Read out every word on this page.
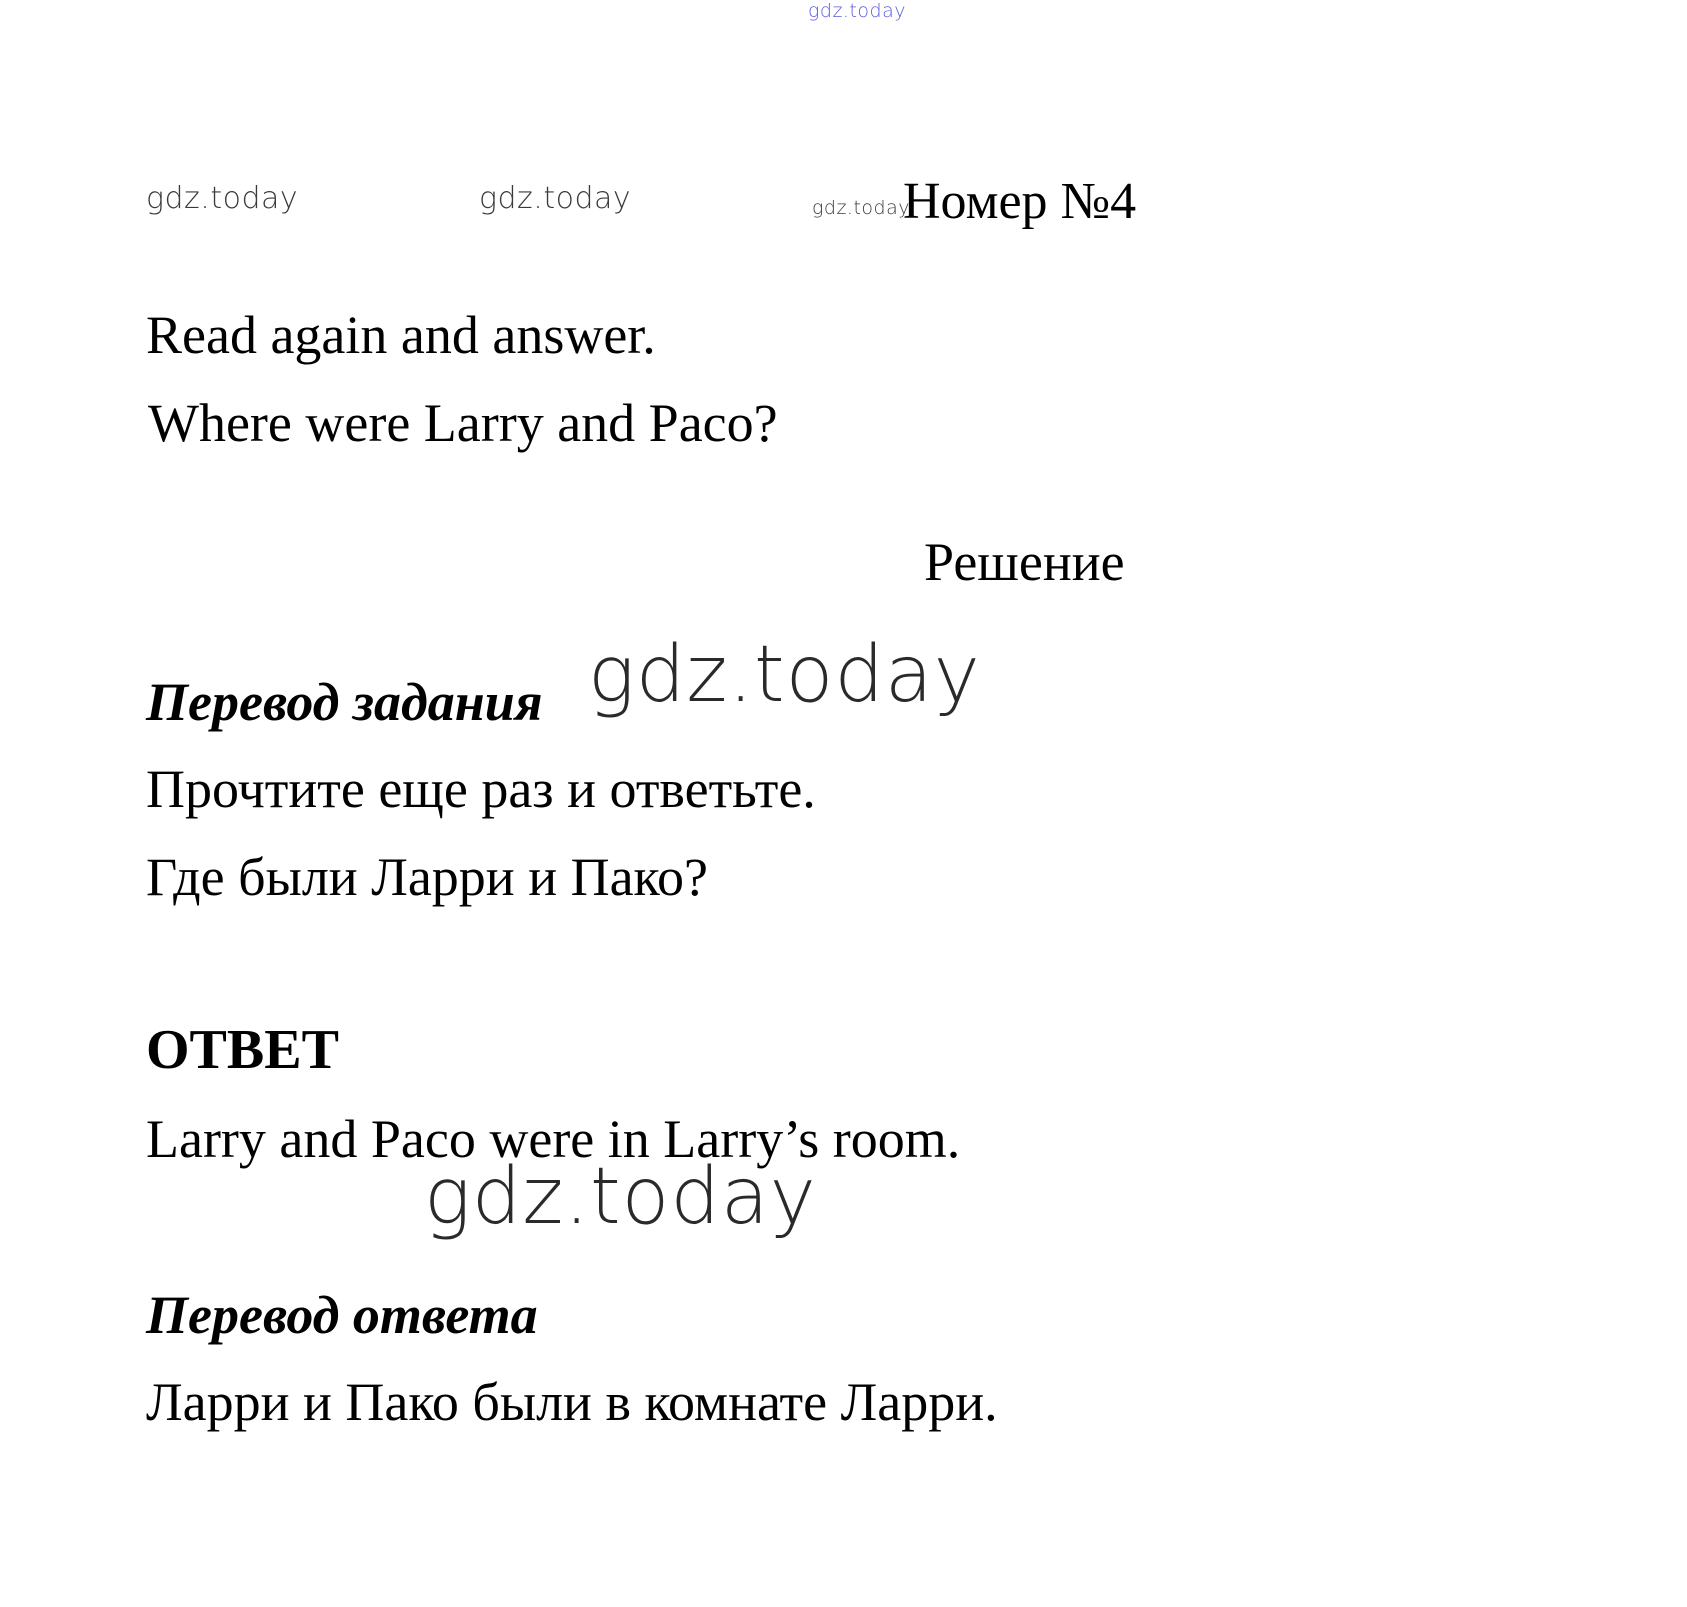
gdz.today
gdz.today	gdz.today	gdz.today
Номер №4
Read again and answer.
Where were Larry and Paco?
Решение
Перевод задания gdz.today
Прочтите еще раз и ответьте.
Где были Ларри и Пако?
ОТВЕТ
Larry and Paco were in Larry’s room.
gdz.today
Перевод ответа
Ларри и Пако были в комнате Ларри.
